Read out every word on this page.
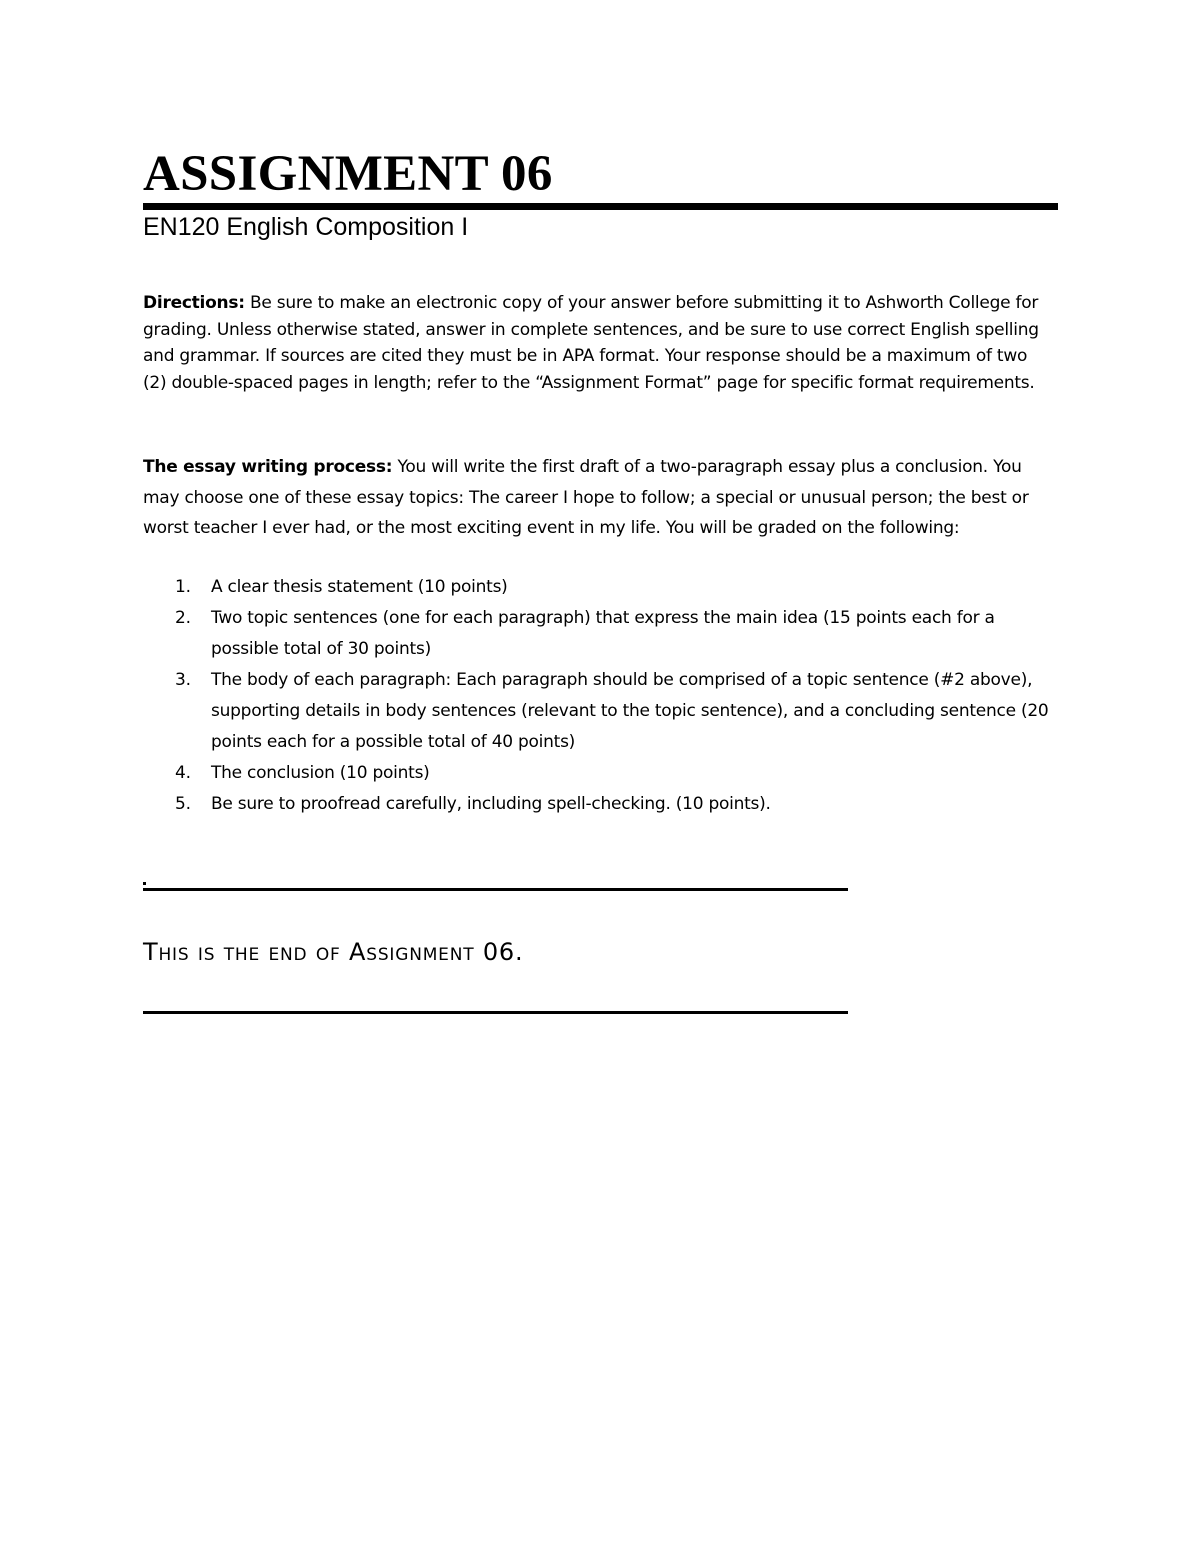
ASSIGNMENT 06
EN120 English Composition I
Directions: Be sure to make an electronic copy of your answer before submitting it to Ashworth College for grading. Unless otherwise stated, answer in complete sentences, and be sure to use correct English spelling and grammar. If sources are cited they must be in APA format. Your response should be a maximum of two (2) double-spaced pages in length; refer to the “Assignment Format” page for specific format requirements.
The essay writing process: You will write the first draft of a two-paragraph essay plus a conclusion. You may choose one of these essay topics: The career I hope to follow; a special or unusual person; the best or worst teacher I ever had, or the most exciting event in my life. You will be graded on the following:
1. A clear thesis statement (10 points)
2. Two topic sentences (one for each paragraph) that express the main idea (15 points each for a possible total of 30 points)
3. The body of each paragraph: Each paragraph should be comprised of a topic sentence (#2 above), supporting details in body sentences (relevant to the topic sentence), and a concluding sentence (20 points each for a possible total of 40 points)
4. The conclusion (10 points)
5. Be sure to proofread carefully, including spell-checking. (10 points).
This is the end of Assignment 06.
